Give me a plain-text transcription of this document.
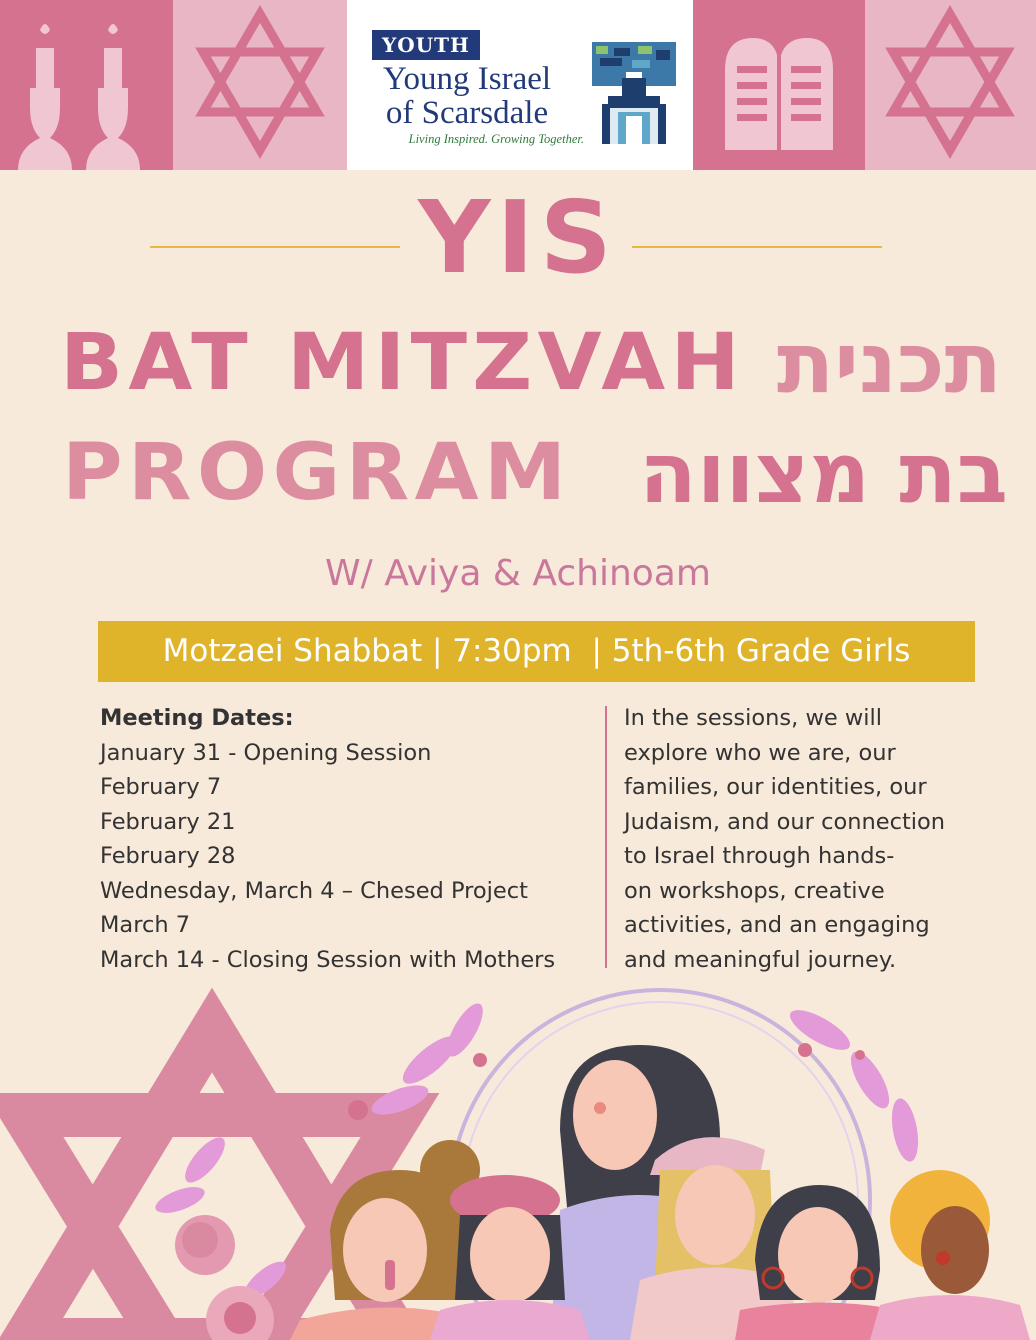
YOUTH
Young Israel
of Scarsdale
Living Inspired. Growing Together.
YIS
BAT MITZVAH
PROGRAM
תכנית
בת מצווה
W/ Aviya & Achinoam
Motzaei Shabbat | 7:30pm  | 5th-6th Grade Girls
Meeting Dates:
January 31 - Opening Session
February 7
February 21
February 28
Wednesday, March 4 – Chesed Project
March 7
March 14 - Closing Session with Mothers
In the sessions, we will
explore who we are, our
families, our identities, our
Judaism, and our connection
to Israel through hands-
on workshops, creative
activities, and an engaging
and meaningful journey.
